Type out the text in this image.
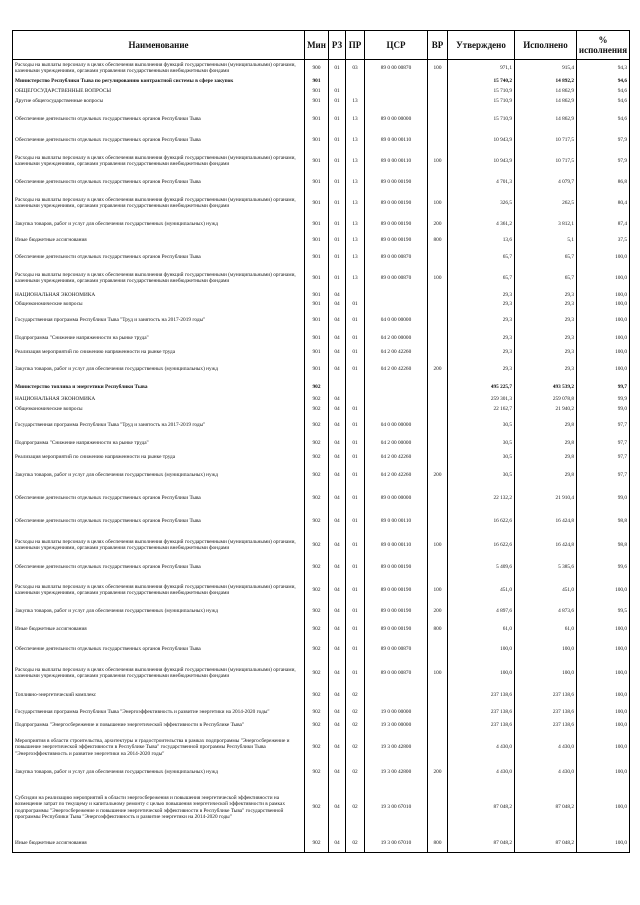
Наименование	Мин	РЗ	ПР	ЦСР	ВР	Утверждено	Исполнено	% исполнения
Расходы на выплаты персоналу в целях обеспечения выполнения функций государственными (муниципальными) органами, казенными учреждениями, органами управления государственными внебюджетными фондами	900	01	03	89 0 00 00870	100	971,1	915,4	94,3
Министерство Республики Тыва по регулированию контрактной системы в сфере закупок	901					15 740,2	14 892,2	94,6
ОБЩЕГОСУДАРСТВЕННЫЕ ВОПРОСЫ	901	01				15 710,9	14 862,9	94,6
Другие общегосударственные вопросы	901	01	13			15 710,9	14 862,9	94,6
Обеспечение деятельности отдельных государственных органов Республики Тыва	901	01	13	89 0 00 00000		15 710,9	14 862,9	94,6
Обеспечение деятельности отдельных государственных органов Республики Тыва	901	01	13	89 0 00 00110		10 943,9	10 717,5	97,9
Расходы на выплаты персоналу в целях обеспечения выполнения функций государственными (муниципальными) органами, казенными учреждениями, органами управления государственными внебюджетными фондами	901	01	13	89 0 00 00110	100	10 943,9	10 717,5	97,9
Обеспечение деятельности отдельных государственных органов Республики Тыва	901	01	13	89 0 00 00190		4 701,3	4 079,7	86,8
Расходы на выплаты персоналу в целях обеспечения выполнения функций государственными (муниципальными) органами, казенными учреждениями, органами управления государственными внебюджетными фондами	901	01	13	89 0 00 00190	100	326,5	262,5	80,4
Закупка товаров, работ и услуг для обеспечения государственных (муниципальных) нужд	901	01	13	89 0 00 00190	200	4 361,2	3 812,1	87,4
Иные бюджетные ассигнования	901	01	13	89 0 00 00190	800	13,6	5,1	37,5
Обеспечение деятельности отдельных государственных органов Республики Тыва	901	01	13	89 0 00 00870		65,7	65,7	100,0
Расходы на выплаты персоналу в целях обеспечения выполнения функций государственными (муниципальными) органами, казенными учреждениями, органами управления государственными внебюджетными фондами	901	01	13	89 0 00 00870	100	65,7	65,7	100,0
НАЦИОНАЛЬНАЯ ЭКОНОМИКА	901	04				29,3	29,3	100,0
Общеэкономические вопросы	901	04	01			29,3	29,3	100,0
Государственная программа Республики Тыва "Труд и занятость на 2017-2019 годы"	901	04	01	04 0 00 00000		29,3	29,3	100,0
Подпрограмма "Снижение напряженности на рынке труда"	901	04	01	04 2 00 00000		29,3	29,3	100,0
Реализация мероприятий по снижению напряженности на рынке труда	901	04	01	04 2 00 42260		29,3	29,3	100,0
Закупка товаров, работ и услуг для обеспечения государственных (муниципальных) нужд	901	04	01	04 2 00 42260	200	29,3	29,3	100,0
Министерство топлива и энергетики Республики Тыва	902					495 225,7	493 539,2	99,7
НАЦИОНАЛЬНАЯ ЭКОНОМИКА	902	04				259 301,3	259 078,8	99,9
Общеэкономические вопросы	902	04	01			22 162,7	21 940,2	99,0
Государственная программа Республики Тыва "Труд и занятость на 2017-2019 годы"	902	04	01	04 0 00 00000		30,5	29,8	97,7
Подпрограмма "Снижение напряженности на рынке труда"	902	04	01	04 2 00 00000		30,5	29,8	97,7
Реализация мероприятий по снижению напряженности на рынке труда	902	04	01	04 2 00 42260		30,5	29,8	97,7
Закупка товаров, работ и услуг для обеспечения государственных (муниципальных) нужд	902	04	01	04 2 00 42260	200	30,5	29,8	97,7
Обеспечение деятельности отдельных государственных органов Республики Тыва	902	04	01	89 0 00 00000		22 132,2	21 910,4	99,0
Обеспечение деятельности отдельных государственных органов Республики Тыва	902	04	01	89 0 00 00110		16 622,6	16 424,8	98,8
Расходы на выплаты персоналу в целях обеспечения выполнения функций государственными (муниципальными) органами, казенными учреждениями, органами управления государственными внебюджетными фондами	902	04	01	89 0 00 00110	100	16 622,6	16 424,8	98,8
Обеспечение деятельности отдельных государственных органов Республики Тыва	902	04	01	89 0 00 00190		5 409,6	5 385,6	99,6
Расходы на выплаты персоналу в целях обеспечения выполнения функций государственными (муниципальными) органами, казенными учреждениями, органами управления государственными внебюджетными фондами	902	04	01	89 0 00 00190	100	451,0	451,0	100,0
Закупка товаров, работ и услуг для обеспечения государственных (муниципальных) нужд	902	04	01	89 0 00 00190	200	4 897,6	4 873,6	99,5
Иные бюджетные ассигнования	902	04	01	89 0 00 00190	800	61,0	61,0	100,0
Обеспечение деятельности отдельных государственных органов Республики Тыва	902	04	01	89 0 00 00870		100,0	100,0	100,0
Расходы на выплаты персоналу в целях обеспечения выполнения функций государственными (муниципальными) органами, казенными учреждениями, органами управления государственными внебюджетными фондами	902	04	01	89 0 00 00870	100	100,0	100,0	100,0
Топливно-энергетический комплекс	902	04	02			237 138,6	237 138,6	100,0
Государственная программа Республики Тыва "Энергоэффективность и развитие энергетики на 2014-2020 годы"	902	04	02	19 0 00 00000		237 138,6	237 138,6	100,0
Подпрограмма "Энергосбережение и повышение энергетической эффективности в Республике Тыва"	902	04	02	19 3 00 00000		237 138,6	237 138,6	100,0
Мероприятия в области строительства, архитектуры и градостроительства в рамках подпрограммы "Энергосбережение и повышение энергетической эффективности в Республике Тыва" государственной программы Республики Тыва "Энергоэффективность и развитие энергетики на 2014-2020 годы"	902	04	02	19 3 00 42800		4 430,0	4 430,0	100,0
Закупка товаров, работ и услуг для обеспечения государственных (муниципальных) нужд	902	04	02	19 3 00 42800	200	4 430,0	4 430,0	100,0
Субсидии на реализацию мероприятий в области энергосбережения и повышения энергетической эффективности на возмещение затрат по текущему и капитальному ремонту с целью повышения энергетической эффективности в рамках подпрограммы "Энергосбережение и повышение энергетической эффективности в Республике Тыва" государственной программы Республики Тыва "Энергоэффективность и развитие энергетики на 2014-2020 годы"	902	04	02	19 3 00 67010		87 048,2	87 048,2	100,0
Иные бюджетные ассигнования	902	04	02	19 3 00 67010	800	87 048,2	87 048,2	100,0
